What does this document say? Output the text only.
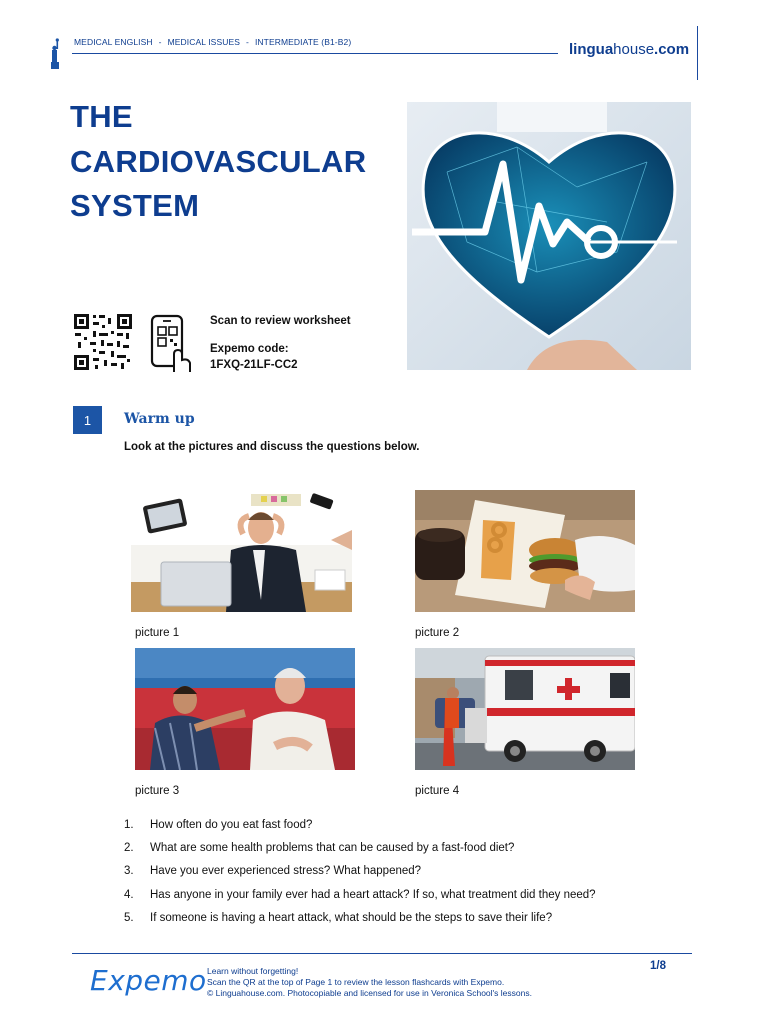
MEDICAL ENGLISH - MEDICAL ISSUES - INTERMEDIATE (B1-B2)	linguahouse.com
THE
CARDIOVASCULAR
SYSTEM
Scan to review worksheet
Expemo code:
1FXQ-21LF-CC2
1	Warm up
Look at the pictures and discuss the questions below.
picture 1	picture 2
picture 3	picture 4
1.	How often do you eat fast food?
2.	What are some health problems that can be caused by a fast-food diet?
3.	Have you ever experienced stress? What happened?
4.	Has anyone in your family ever had a heart attack? If so, what treatment did they need?
5.	If someone is having a heart attack, what should be the steps to save their life?
Expemo Learn without forgetting!
Scan the QR at the top of Page 1 to review the lesson flashcards with Expemo.
© Linguahouse.com. Photocopiable and licensed for use in Veronica School's lessons.
1/8
